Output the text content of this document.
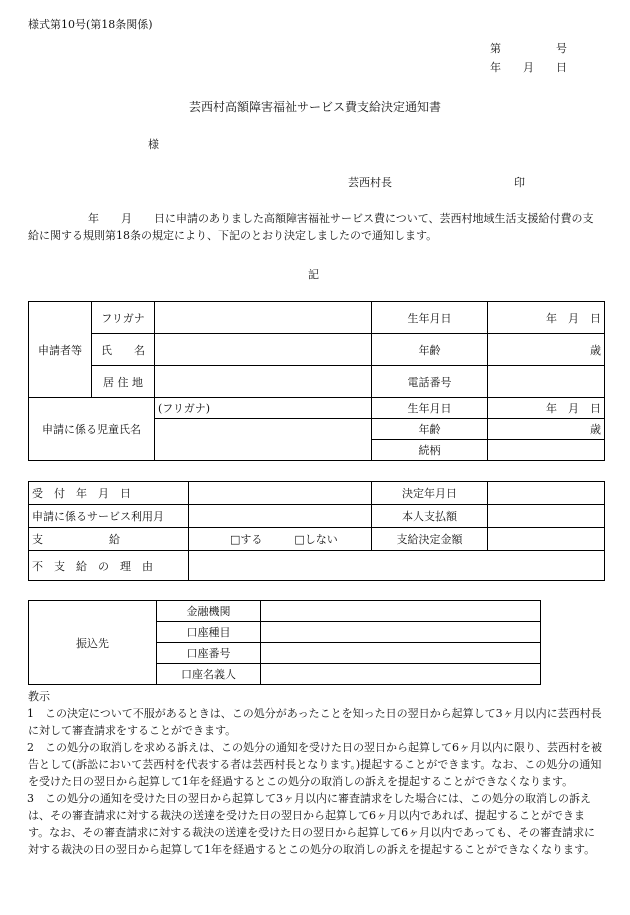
様式第10号(第18条関係)
第　　　　　号
年　　月　　日
芸西村高額障害福祉サービス費支給決定通知書
様
芸西村長	印
年　　月　　日に申請のありました高額障害福祉サービス費について、芸西村地域生活支援給付費の支給に関する規則第18条の規定により、下記のとおり決定しましたので通知します。
記
申請者等	フリガナ		生年月日	年　月　日
	氏　　名		年齢	歳
	居 住 地		電話番号	
申請に係る児童氏名		(フリガナ)	生年月日	年　月　日
			年齢	歳
			続柄	
受　付　年　月　日		決定年月日	
申請に係るサービス利用月		本人支払額	
支　　　　　　給	□する □しない	支給決定金額	
不　支　給　の　理　由			
振込先	金融機関	
	口座種目	
	口座番号	
	口座名義人	
教示

1　この決定について不服があるときは、この処分があったことを知った日の翌日から起算して3ヶ月以内に芸西村長に対して審査請求をすることができます。

2　この処分の取消しを求める訴えは、この処分の通知を受けた日の翌日から起算して6ヶ月以内に限り、芸西村を被告として(訴訟において芸西村を代表する者は芸西村長となります。)提起することができます。なお、この処分の通知を受けた日の翌日から起算して1年を経過するとこの処分の取消しの訴えを提起することができなくなります。

3　この処分の通知を受けた日の翌日から起算して3ヶ月以内に審査請求をした場合には、この処分の取消しの訴えは、その審査請求に対する裁決の送達を受けた日の翌日から起算して6ヶ月以内であれば、提起することができます。なお、その審査請求に対する裁決の送達を受けた日の翌日から起算して6ヶ月以内であっても、その審査請求に対する裁決の日の翌日から起算して1年を経過するとこの処分の取消しの訴えを提起することができなくなります。
